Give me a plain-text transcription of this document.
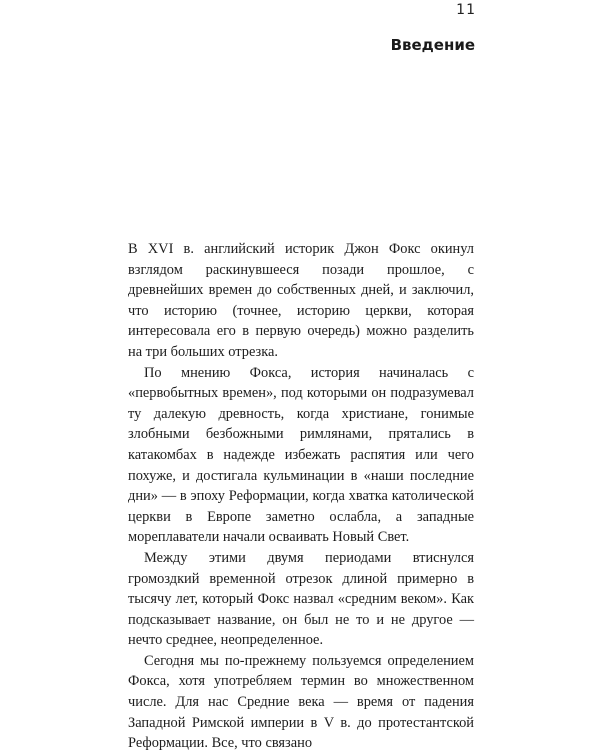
11
Введение

В XVI в. английский историк Джон Фокс окинул взглядом раскинувшееся позади прошлое, с древнейших времен до собственных дней, и заключил, что историю (точнее, историю церкви, которая интересовала его в первую очередь) можно разделить на три больших отрезка.

По мнению Фокса, история начиналась с «первобытных времен», под которыми он подразумевал ту далекую древность, когда христиане, гонимые злобными безбожными римлянами, прятались в катакомбах в надежде избежать распятия или чего похуже, и достигала кульминации в «наши последние дни» — в эпоху Реформации, когда хватка католической церкви в Европе заметно ослабла, а западные мореплаватели начали осваивать Новый Свет.

Между этими двумя периодами втиснулся громоздкий временной отрезок длиной примерно в тысячу лет, который Фокс назвал «средним веком». Как подсказывает название, он был не то и не другое — нечто среднее, неопределенное.

Сегодня мы по-прежнему пользуемся определением Фокса, хотя употребляем термин во множественном числе. Для нас Средние века — время от падения Западной Римской империи в V в. до протестантской Реформации. Все, что связано
